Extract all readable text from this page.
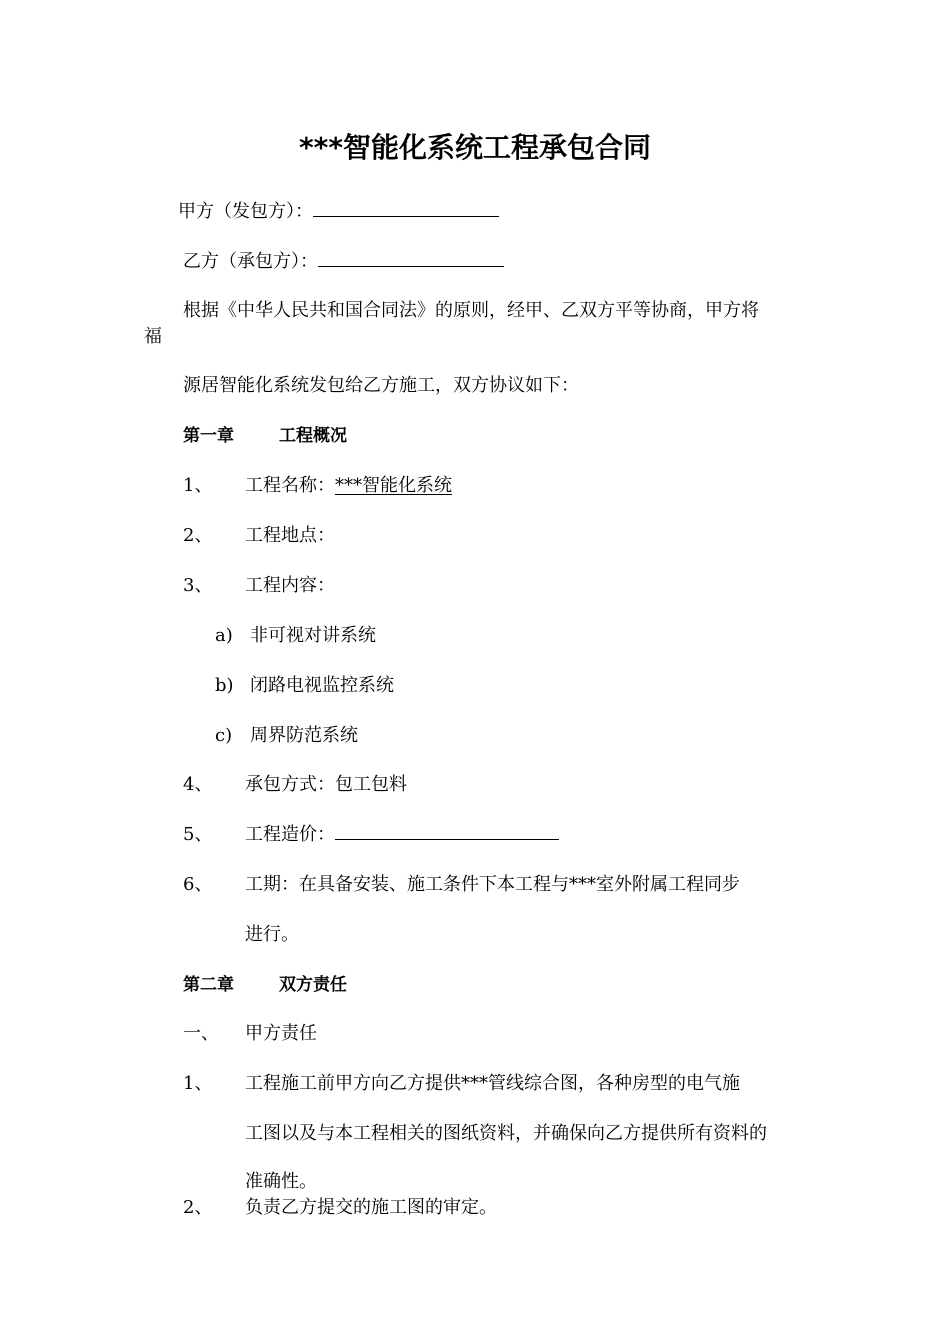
***智能化系统工程承包合同
甲方（发包方）：
乙方（承包方）：
根据《中华人民共和国合同法》的原则，经甲、乙双方平等协商，甲方将
福
源居智能化系统发包给乙方施工，双方协议如下：
第一章	工程概况
1、 工程名称：***智能化系统
2、 工程地点：
3、 工程内容：
a) 非可视对讲系统
b) 闭路电视监控系统
c) 周界防范系统
4、 承包方式：包工包料
5、 工程造价：
6、 工期：在具备安装、施工条件下本工程与***室外附属工程同步
进行。
第二章	双方责任
一、 甲方责任
1、 工程施工前甲方向乙方提供***管线综合图，各种房型的电气施
工图以及与本工程相关的图纸资料，并确保向乙方提供所有资料的
准确性。
2、 负责乙方提交的施工图的审定。
